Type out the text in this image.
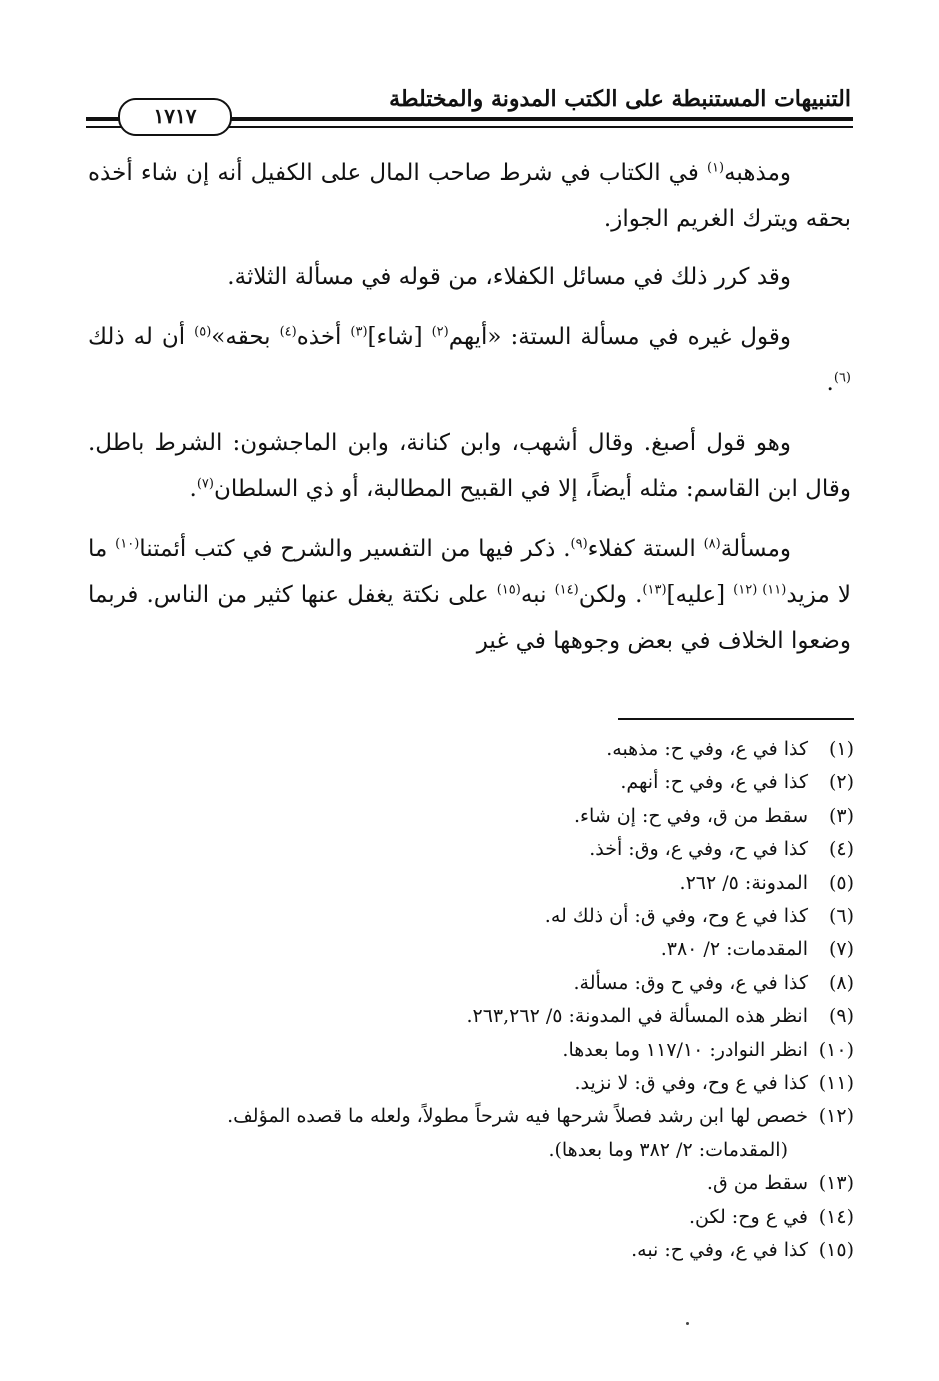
التنبيهات المستنبطة على الكتب المدونة والمختلطة
١٧١٧

ومذهبه$^{(١)}$ في الكتاب في شرط صاحب المال على الكفيل أنه إن شاء أخذه بحقه ويترك الغريم الجواز.

وقد كرر ذلك في مسائل الكفلاء، من قوله في مسألة الثلاثة.

وقول غيره في مسألة الستة: «أيهم$^{(٢)}$ [شاء]$^{(٣)}$ أخذه$^{(٤)}$ بحقه»$^{(٥)}$ أن له ذلك $^{(٦)}$.

وهو قول أصبغ. وقال أشهب، وابن كنانة، وابن الماجشون: الشرط باطل. وقال ابن القاسم: مثله أيضاً، إلا في القبيح المطالبة، أو ذي السلطان$^{(٧)}$.

ومسألة$^{(٨)}$ الستة كفلاء$^{(٩)}$. ذكر فيها من التفسير والشرح في كتب أئمتنا$^{(١٠)}$ ما لا مزيد$^{(١١)}$ $^{(١٢)}$ [عليه]$^{(١٣)}$. ولكن$^{(١٤)}$ نبه$^{(١٥)}$ على نكتة يغفل عنها كثير من الناس. فربما وضعوا الخلاف في بعض وجوهها في غير

(١)
كذا في ع، وفي ح: مذهبه.
(٢)
كذا في ع، وفي ح: أنهم.
(٣)
سقط من ق، وفي ح: إن شاء.
(٤)
كذا في ح، وفي ع، وق: أخذ.
(٥)
المدونة: ٥/ ٢٦٢.
(٦)
كذا في ع وح، وفي ق: أن ذلك له.
(٧)
المقدمات: ٢/ ٣٨٠.
(٨)
كذا في ع، وفي ح وق: مسألة.
(٩)
انظر هذه المسألة في المدونة: ٥/ ٢٦٣,٢٦٢.
(١٠)
انظر النوادر: ١١٧/١٠ وما بعدها.
(١١)
كذا في ع وح، وفي ق: لا نزيد.
(١٢)
خصص لها ابن رشد فصلاً شرحها فيه شرحاً مطولاً، ولعله ما قصده المؤلف.
(المقدمات: ٢/ ٣٨٢ وما بعدها).
(١٣)
سقط من ق.
(١٤)
في ع وح: لكن.
(١٥)
كذا في ع، وفي ح: نبه.
